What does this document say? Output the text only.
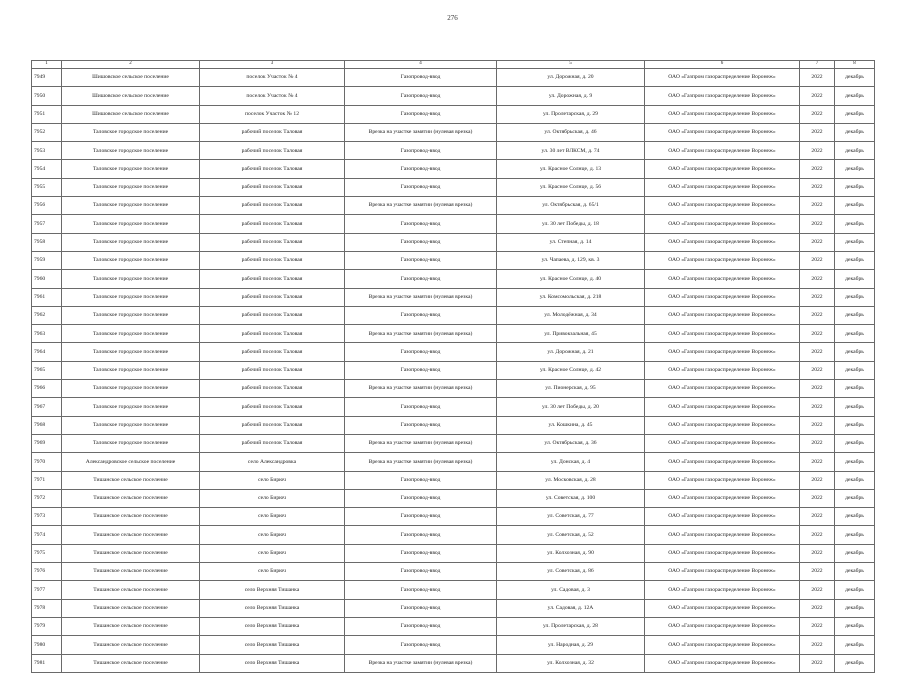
276
1	2	3	4	5	6	7	8
7949	Шишовское сельское поселение	поселок Участок № 4	Газопровод-ввод	ул. Дорожная, д. 20	ОАО «Газпром газораспределение Воронеж»	2022	декабрь
7950	Шишовское сельское поселение	поселок Участок № 4	Газопровод-ввод	ул. Дорожная, д. 9	ОАО «Газпром газораспределение Воронеж»	2022	декабрь
7951	Шишовское сельское поселение	поселок Участок № 12	Газопровод-ввод	ул. Пролетарская, д. 29	ОАО «Газпром газораспределение Воронеж»	2022	декабрь
7952	Таловское городское поселение	рабочий поселок Таловая	Врезка на участке замятии (нулевая врезка)	ул. Октябрьская, д. 46	ОАО «Газпром газораспределение Воронеж»	2022	декабрь
7953	Таловское городское поселение	рабочий поселок Таловая	Газопровод-ввод	ул. 30 лет ВЛКСМ, д. 74	ОАО «Газпром газораспределение Воронеж»	2022	декабрь
7954	Таловское городское поселение	рабочий поселок Таловая	Газопровод-ввод	ул. Красное Солнце, д. 13	ОАО «Газпром газораспределение Воронеж»	2022	декабрь
7955	Таловское городское поселение	рабочий поселок Таловая	Газопровод-ввод	ул. Красное Солнце, д. 56	ОАО «Газпром газораспределение Воронеж»	2022	декабрь
7956	Таловское городское поселение	рабочий поселок Таловая	Врезка на участке замятии (нулевая врезка)	ул. Октябрьская, д. 65/1	ОАО «Газпром газораспределение Воронеж»	2022	декабрь
7957	Таловское городское поселение	рабочий поселок Таловая	Газопровод-ввод	ул. 30 лет Победы, д. 18	ОАО «Газпром газораспределение Воронеж»	2022	декабрь
7958	Таловское городское поселение	рабочий поселок Таловая	Газопровод-ввод	ул. Степная, д. 14	ОАО «Газпром газораспределение Воронеж»	2022	декабрь
7959	Таловское городское поселение	рабочий поселок Таловая	Газопровод-ввод	ул. Чапаева, д. 129, кв. 3	ОАО «Газпром газораспределение Воронеж»	2022	декабрь
7960	Таловское городское поселение	рабочий поселок Таловая	Газопровод-ввод	ул. Красное Солнце, д. 40	ОАО «Газпром газораспределение Воронеж»	2022	декабрь
7961	Таловское городское поселение	рабочий поселок Таловая	Врезка на участке замятии (нулевая врезка)	ул. Комсомольская, д. 218	ОАО «Газпром газораспределение Воронеж»	2022	декабрь
7962	Таловское городское поселение	рабочий поселок Таловая	Газопровод-ввод	ул. Молодёжная, д. 34	ОАО «Газпром газораспределение Воронеж»	2022	декабрь
7963	Таловское городское поселение	рабочий поселок Таловая	Врезка на участке замятии (нулевая врезка)	ул. Привокзальная, 45	ОАО «Газпром газораспределение Воронеж»	2022	декабрь
7964	Таловское городское поселение	рабочий поселок Таловая	Газопровод-ввод	ул. Дорожная, д. 21	ОАО «Газпром газораспределение Воронеж»	2022	декабрь
7965	Таловское городское поселение	рабочий поселок Таловая	Газопровод-ввод	ул. Красное Солнце, д. 42	ОАО «Газпром газораспределение Воронеж»	2022	декабрь
7966	Таловское городское поселение	рабочий поселок Таловая	Врезка на участке замятии (нулевая врезка)	ул. Пионерская, д. 95	ОАО «Газпром газораспределение Воронеж»	2022	декабрь
7967	Таловское городское поселение	рабочий поселок Таловая	Газопровод-ввод	ул. 30 лет Победы, д. 20	ОАО «Газпром газораспределение Воронеж»	2022	декабрь
7968	Таловское городское поселение	рабочий поселок Таловая	Газопровод-ввод	ул. Кошкина, д. 45	ОАО «Газпром газораспределение Воронеж»	2022	декабрь
7969	Таловское городское поселение	рабочий поселок Таловая	Врезка на участке замятии (нулевая врезка)	ул. Октябрьская, д. 36	ОАО «Газпром газораспределение Воронеж»	2022	декабрь
7970	Александровское сельское поселение	село Александровка	Врезка на участке замятии (нулевая врезка)	ул. Донская, д. 4	ОАО «Газпром газораспределение Воронеж»	2022	декабрь
7971	Тишанское сельское поселение	село Бирюч	Газопровод-ввод	ул. Московская, д. 28	ОАО «Газпром газораспределение Воронеж»	2022	декабрь
7972	Тишанское сельское поселение	село Бирюч	Газопровод-ввод	ул. Советская, д. 100	ОАО «Газпром газораспределение Воронеж»	2022	декабрь
7973	Тишанское сельское поселение	село Бирюч	Газопровод-ввод	ул. Советская, д. 77	ОАО «Газпром газораспределение Воронеж»	2022	декабрь
7974	Тишанское сельское поселение	село Бирюч	Газопровод-ввод	ул. Советская, д. 52	ОАО «Газпром газораспределение Воронеж»	2022	декабрь
7975	Тишанское сельское поселение	село Бирюч	Газопровод-ввод	ул. Колхозная, д. 90	ОАО «Газпром газораспределение Воронеж»	2022	декабрь
7976	Тишанское сельское поселение	село Бирюч	Газопровод-ввод	ул. Советская, д. 86	ОАО «Газпром газораспределение Воронеж»	2022	декабрь
7977	Тишанское сельское поселение	село Верхняя Тишанка	Газопровод-ввод	ул. Садовая, д. 3	ОАО «Газпром газораспределение Воронеж»	2022	декабрь
7978	Тишанское сельское поселение	село Верхняя Тишанка	Газопровод-ввод	ул. Садовая, д. 12А	ОАО «Газпром газораспределение Воронеж»	2022	декабрь
7979	Тишанское сельское поселение	село Верхняя Тишанка	Газопровод-ввод	ул. Пролетарская, д. 28	ОАО «Газпром газораспределение Воронеж»	2022	декабрь
7980	Тишанское сельское поселение	село Верхняя Тишанка	Газопровод-ввод	ул. Народная, д. 29	ОАО «Газпром газораспределение Воронеж»	2022	декабрь
7981	Тишанское сельское поселение	село Верхняя Тишанка	Врезка на участке замятии (нулевая врезка)	ул. Колхозная, д. 32	ОАО «Газпром газораспределение Воронеж»	2022	декабрь
